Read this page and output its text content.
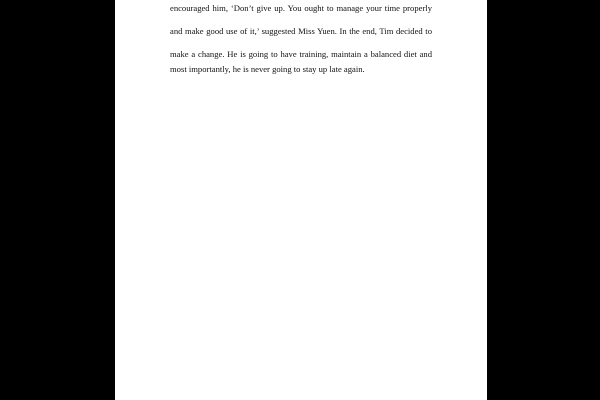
encouraged him, ‘Don’t give up. You ought to manage your time properly
and make good use of it,’ suggested Miss Yuen. In the end, Tim decided to
make a change. He is going to have training, maintain a balanced diet and
most importantly, he is never going to stay up late again.
